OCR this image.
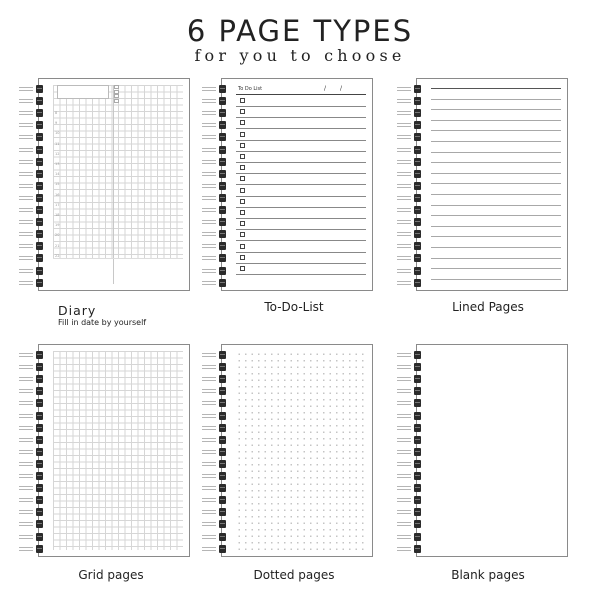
6 PAGE TYPES
for you to choose
8
9
10
11
12
13
14
15
16
17
18
19
20
21
22
To Do List	/ /
Diary
Fill in date by yourself
To-Do-List	Lined Pages
Grid pages	Dotted pages	Blank pages
